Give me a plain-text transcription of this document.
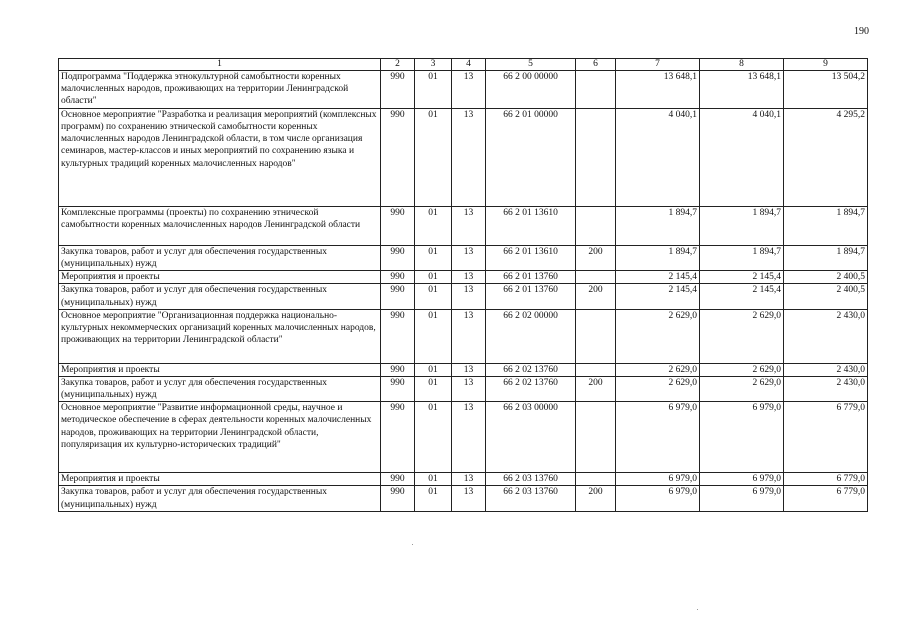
190
1	2	3	4	5	6	7	8	9
Подпрограмма "Поддержка этнокультурной самобытности коренных малочисленных народов, проживающих на территории Ленинградской области"	990	01	13	66 2 00 00000		13 648,1	13 648,1	13 504,2
Основное мероприятие "Разработка и реализация мероприятий (комплексных программ) по сохранению этнической самобытности коренных малочисленных народов Ленинградской области, в том числе организация семинаров, мастер-классов и иных мероприятий по сохранению языка и культурных традиций коренных малочисленных народов"	990	01	13	66 2 01 00000		4 040,1	4 040,1	4 295,2
Комплексные программы (проекты) по сохранению этнической самобытности коренных малочисленных народов Ленинградской области	990	01	13	66 2 01 13610		1 894,7	1 894,7	1 894,7
Закупка товаров, работ и услуг для обеспечения государственных (муниципальных) нужд	990	01	13	66 2 01 13610	200	1 894,7	1 894,7	1 894,7
Мероприятия и проекты	990	01	13	66 2 01 13760		2 145,4	2 145,4	2 400,5
Закупка товаров, работ и услуг для обеспечения государственных (муниципальных) нужд	990	01	13	66 2 01 13760	200	2 145,4	2 145,4	2 400,5
Основное мероприятие "Организационная поддержка национально-культурных некоммерческих организаций коренных малочисленных народов, проживающих на территории Ленинградской области"	990	01	13	66 2 02 00000		2 629,0	2 629,0	2 430,0
Мероприятия и проекты	990	01	13	66 2 02 13760		2 629,0	2 629,0	2 430,0
Закупка товаров, работ и услуг для обеспечения государственных (муниципальных) нужд	990	01	13	66 2 02 13760	200	2 629,0	2 629,0	2 430,0
Основное мероприятие "Развитие информационной среды, научное и методическое обеспечение в сферах деятельности коренных малочисленных народов, проживающих на территории Ленинградской области, популяризация их культурно-исторических традиций"	990	01	13	66 2 03 00000		6 979,0	6 979,0	6 779,0
Мероприятия и проекты	990	01	13	66 2 03 13760		6 979,0	6 979,0	6 779,0
Закупка товаров, работ и услуг для обеспечения государственных (муниципальных) нужд	990	01	13	66 2 03 13760	200	6 979,0	6 979,0	6 779,0
